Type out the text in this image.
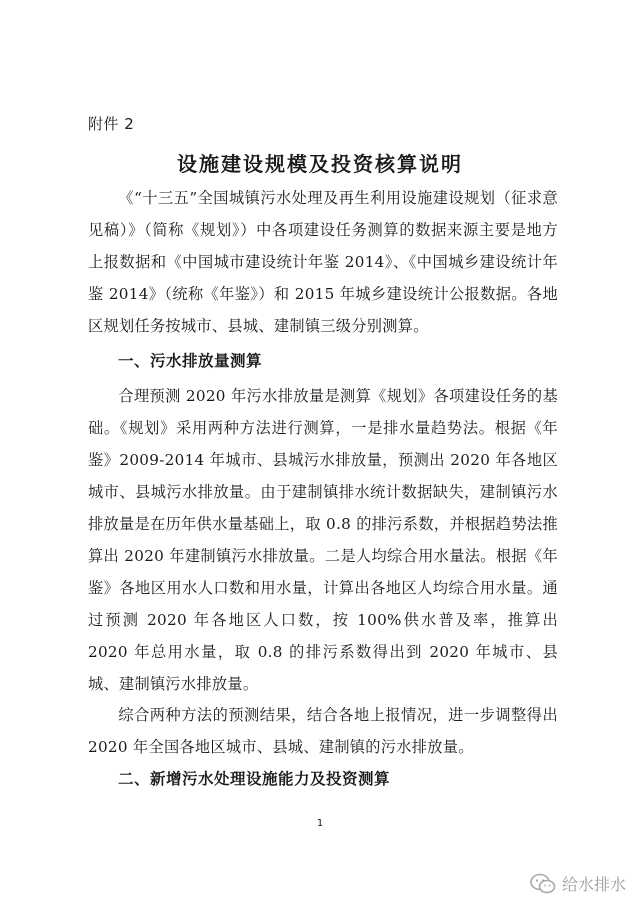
附件 2
设施建设规模及投资核算说明
《“十三五”全国城镇污水处理及再生利用设施建设规划（征求意见稿）》（简称《规划》）中各项建设任务测算的数据来源主要是地方上报数据和《中国城市建设统计年鉴 2014》、《中国城乡建设统计年鉴 2014》（统称《年鉴》）和 2015 年城乡建设统计公报数据。各地区规划任务按城市、县城、建制镇三级分别测算。
一、污水排放量测算
合理预测 2020 年污水排放量是测算《规划》各项建设任务的基础。《规划》采用两种方法进行测算，一是排水量趋势法。根据《年鉴》2009-2014 年城市、县城污水排放量，预测出 2020 年各地区城市、县城污水排放量。由于建制镇排水统计数据缺失，建制镇污水排放量是在历年供水量基础上，取 0.8 的排污系数，并根据趋势法推算出 2020 年建制镇污水排放量。二是人均综合用水量法。根据《年鉴》各地区用水人口数和用水量，计算出各地区人均综合用水量。通过预测 2020 年各地区人口数，按 100%供水普及率，推算出 2020 年总用水量，取 0.8 的排污系数得出到 2020 年城市、县城、建制镇污水排放量。
综合两种方法的预测结果，结合各地上报情况，进一步调整得出 2020 年全国各地区城市、县城、建制镇的污水排放量。
二、新增污水处理设施能力及投资测算
1
给水排水
